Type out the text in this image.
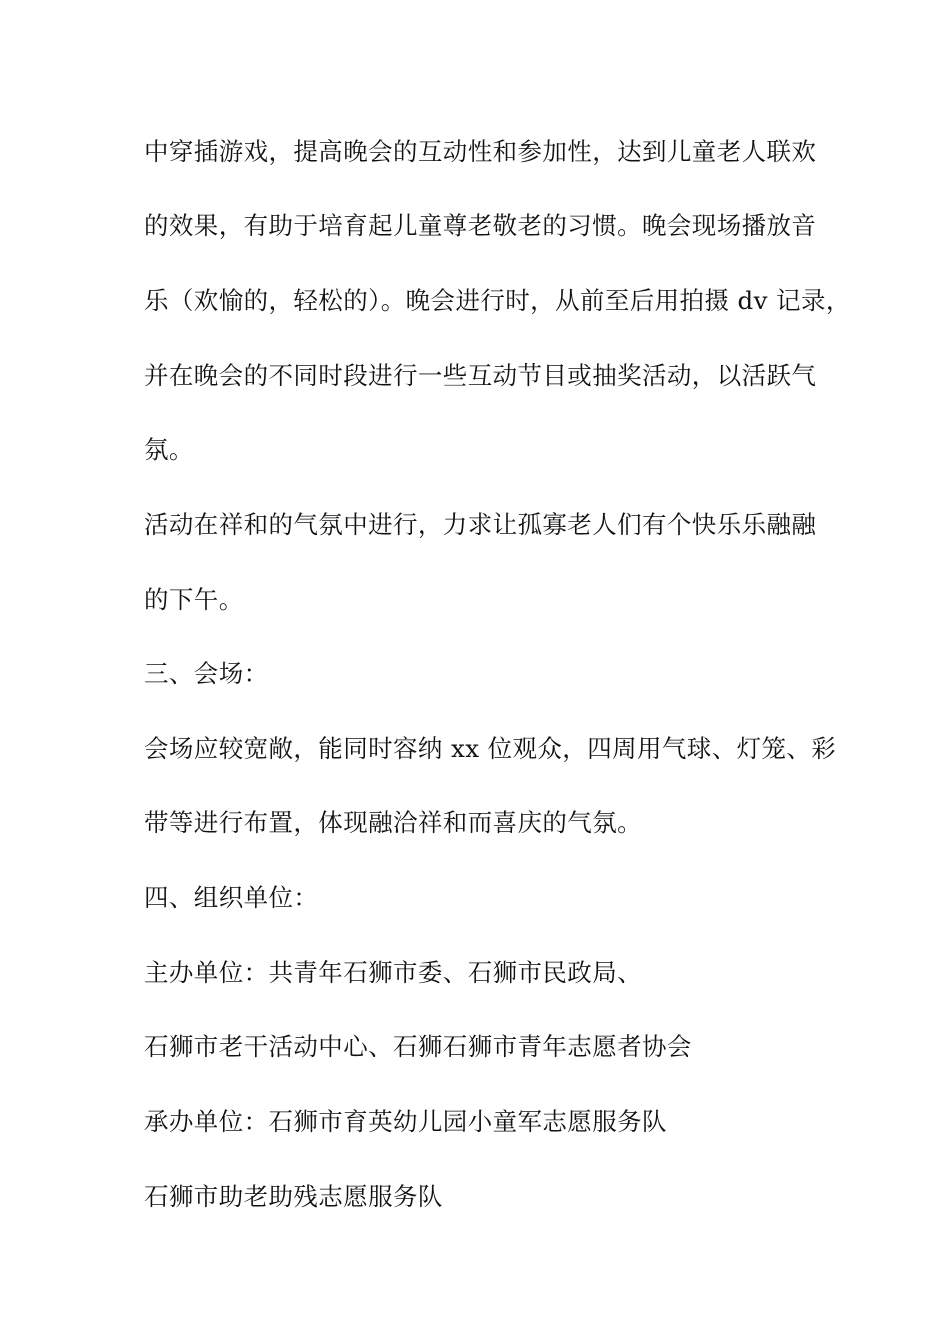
中穿插游戏，提高晚会的互动性和参加性，达到儿童老人联欢

的效果，有助于培育起儿童尊老敬老的习惯。晚会现场播放音

乐（欢愉的，轻松的）。晚会进行时，从前至后用拍摄 dv 记录，

并在晚会的不同时段进行一些互动节目或抽奖活动，以活跃气

氛。

活动在祥和的气氛中进行，力求让孤寡老人们有个快乐乐融融

的下午。

三、会场：

会场应较宽敞，能同时容纳 xx 位观众，四周用气球、灯笼、彩

带等进行布置，体现融洽祥和而喜庆的气氛。

四、组织单位：

主办单位：共青年石狮市委、石狮市民政局、

石狮市老干活动中心、石狮石狮市青年志愿者协会

承办单位：石狮市育英幼儿园小童军志愿服务队

石狮市助老助残志愿服务队
